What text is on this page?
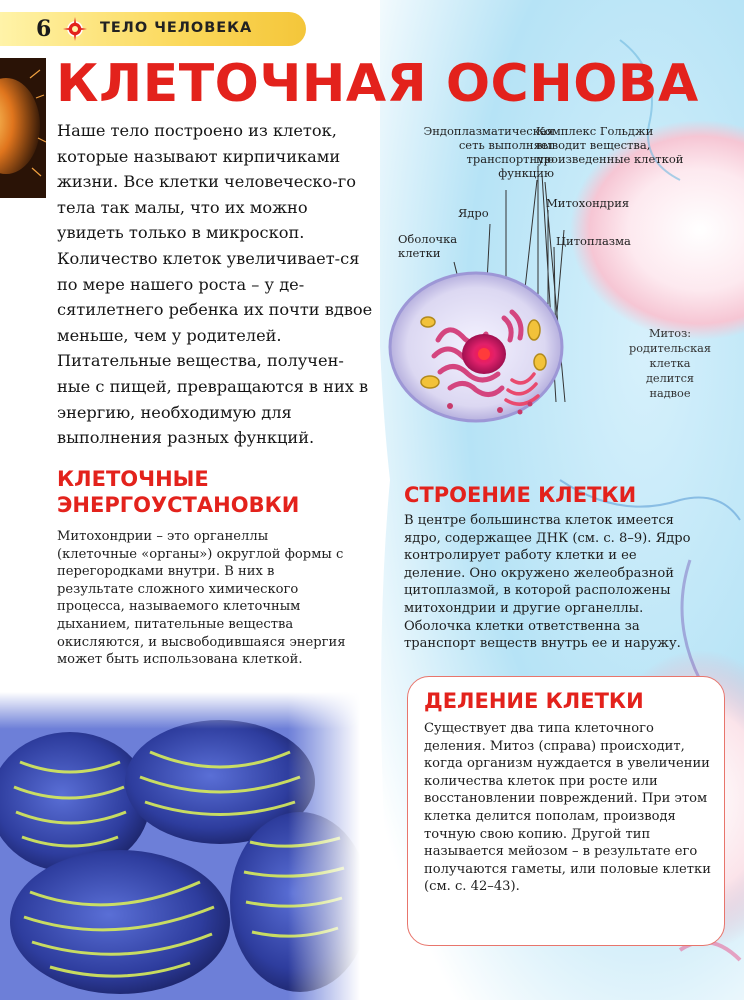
6	ТЕЛО ЧЕЛОВЕКА
КЛЕТОЧНАЯ ОСНОВА

Наше тело построено из клеток, которые называют кирпичиками жизни. Все клетки человеческо-го тела так малы, что их можно увидеть только в микроскоп. Количество клеток увеличивает-ся по мере нашего роста – у де-сятилетнего ребенка их почти вдвое меньше, чем у родителей. Питательные вещества, получен-ные с пищей, превращаются в них в энергию, необходимую для выполнения разных функций.

КЛЕТОЧНЫЕ
ЭНЕРГОУСТАНОВКИ

Митохондрии – это органеллы (клеточные «органы») округлой формы с перегородками внутри. В них в результате сложного химического процесса, называемого клеточным дыханием, питательные вещества окисляются, и высвободившаяся энергия может быть использована клеткой.

Эндоплазматическая
сеть выполняет
транспортную
функцию
Комплекс Гольджи
выводит вещества,
произведенные клеткой
Митохондрия
Ядро
Оболочка
клетки
Цитоплазма

Митоз:
родительская
клетка
делится
надвое

СТРОЕНИЕ КЛЕТКИ

В центре большинства клеток имеется ядро, содержащее ДНК (см. с. 8–9). Ядро контролирует работу клетки и ее деление. Оно окружено желеобразной цитоплазмой, в которой расположены митохондрии и другие органеллы. Оболочка клетки ответственна за транспорт веществ внутрь ее и наружу.

ДЕЛЕНИЕ КЛЕТКИ

Существует два типа клеточного деления. Митоз (справа) происходит, когда организм нуждается в увеличении количества клеток при росте или восстановлении повреждений. При этом клетка делится пополам, производя точную свою копию. Другой тип называется мейозом – в результате его получаются гаметы, или половые клетки (см. с. 42–43).
